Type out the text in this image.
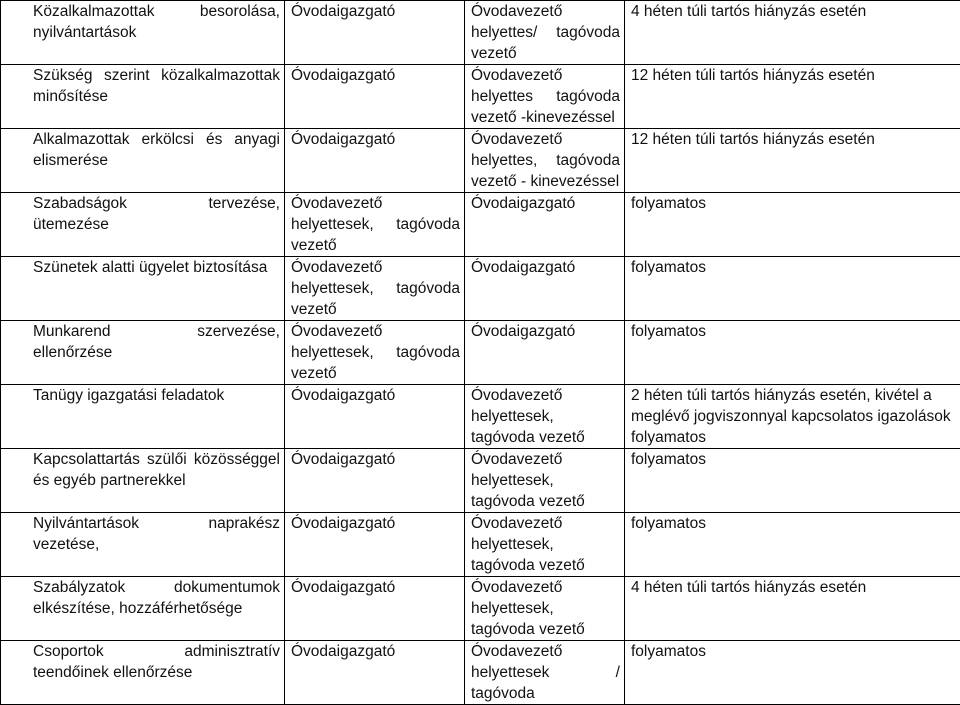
Közalkalmazottak besorolása, nyilvántartások	Óvodaigazgató	Óvodavezető helyettes/ tagóvoda vezető	4 héten túli tartós hiányzás esetén
Szükség szerint közalkalmazottak minősítése	Óvodaigazgató	Óvodavezető helyettes tagóvoda vezető -kinevezéssel	12 héten túli tartós hiányzás esetén
Alkalmazottak erkölcsi és anyagi elismerése	Óvodaigazgató	Óvodavezető helyettes, tagóvoda vezető - kinevezéssel	12 héten túli tartós hiányzás esetén
Szabadságok tervezése, ütemezése	Óvodavezető helyettesek, tagóvoda vezető	Óvodaigazgató	folyamatos
Szünetek alatti ügyelet biztosítása	Óvodavezető helyettesek, tagóvoda vezető	Óvodaigazgató	folyamatos
Munkarend szervezése, ellenőrzése	Óvodavezető helyettesek, tagóvoda vezető	Óvodaigazgató	folyamatos
Tanügy igazgatási feladatok	Óvodaigazgató	Óvodavezető helyettesek, tagóvoda vezető	2 héten túli tartós hiányzás esetén, kivétel a meglévő jogviszonnyal kapcsolatos igazolások folyamatos
Kapcsolattartás szülői közösséggel és egyéb partnerekkel	Óvodaigazgató	Óvodavezető helyettesek, tagóvoda vezető	folyamatos
Nyilvántartások naprakész vezetése,	Óvodaigazgató	Óvodavezető helyettesek, tagóvoda vezető	folyamatos
Szabályzatok dokumentumok elkészítése, hozzáférhetősége	Óvodaigazgató	Óvodavezető helyettesek, tagóvoda vezető	4 héten túli tartós hiányzás esetén
Csoportok adminisztratív teendőinek ellenőrzése	Óvodaigazgató	Óvodavezető helyettesek / tagóvoda	folyamatos
